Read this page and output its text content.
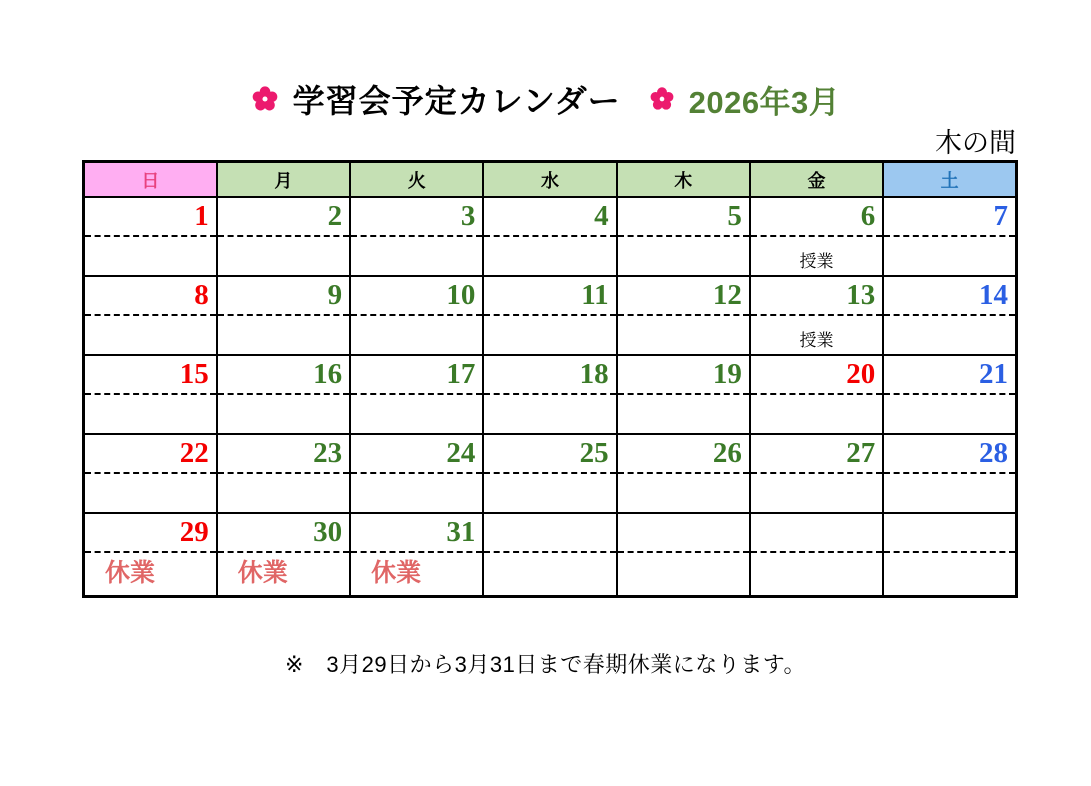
学習会予定カレンダー 2026年3月
木の間
日	月	火	水	木	金	土
1	2	3	4	5	6	7
					授業	
8	9	10	11	12	13	14
					授業	
15	16	17	18	19	20	21

22	23	24	25	26	27	28

29	30	31				
休業	休業	休業				
※　3月29日から3月31日まで春期休業になります。
